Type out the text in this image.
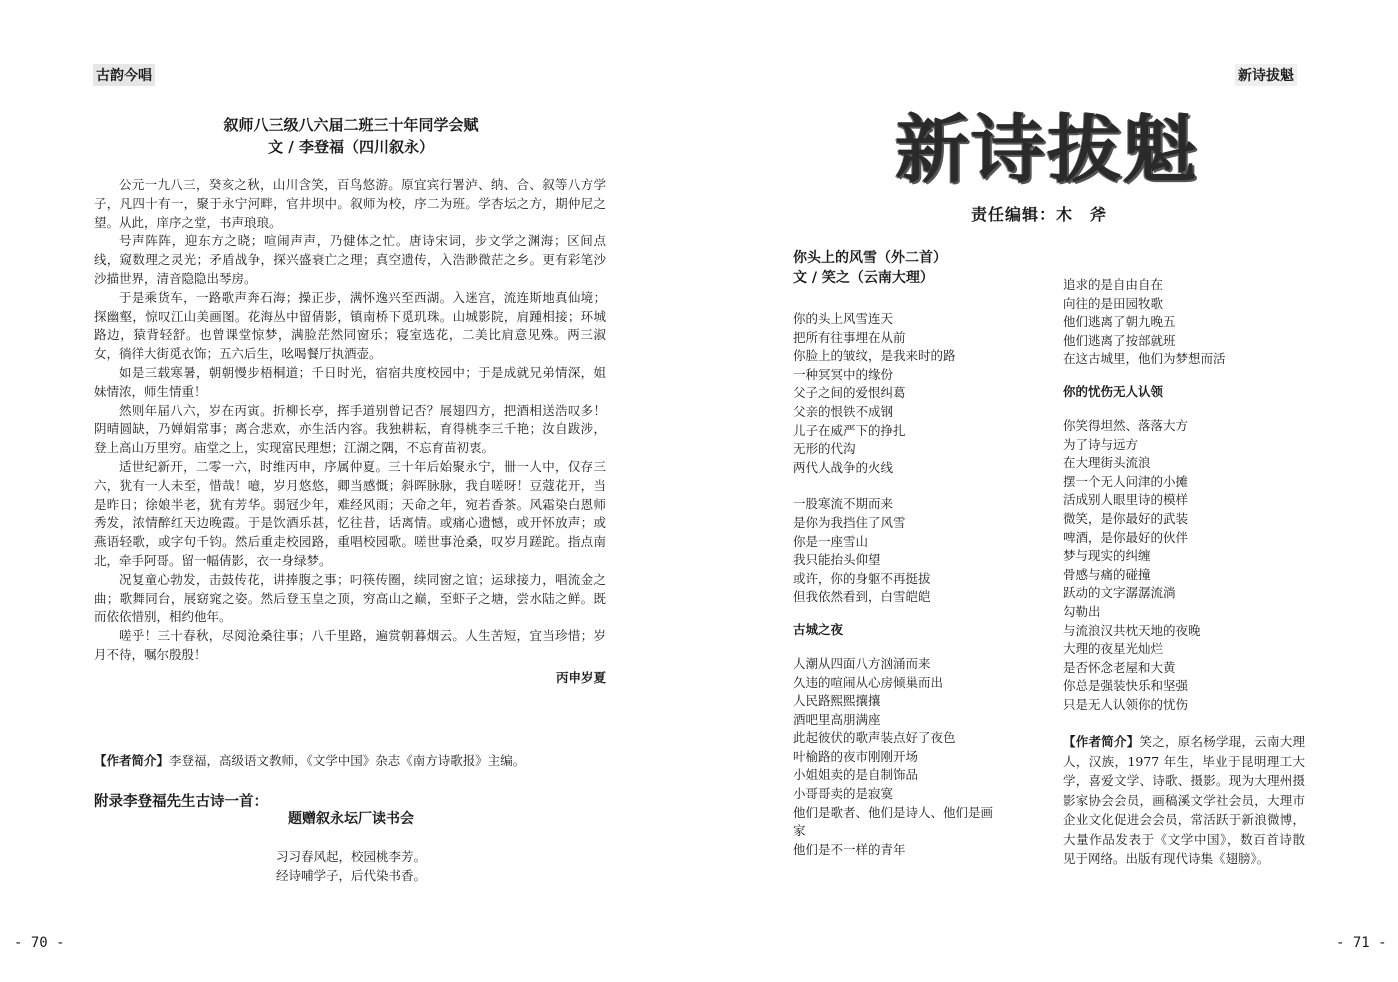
古韵今唱
叙师八三级八六届二班三十年同学会赋
文 / 李登福（四川叙永）

公元一九八三，癸亥之秋，山川含笑，百鸟悠游。原宜宾行署泸、纳、合、叙等八方学子，凡四十有一，聚于永宁河畔，官井坝中。叙师为校，序二为班。学杏坛之方，期仲尼之望。从此，庠序之堂，书声琅琅。

号声阵阵，迎东方之晓；喧闹声声，乃健体之忙。唐诗宋词，步文学之渊海；区间点线，窥数理之灵光；矛盾战争，探兴盛衰亡之理；真空遗传，入浩渺微茫之乡。更有彩笔沙沙描世界，清音隐隐出琴房。

于是乘货车，一路歌声奔石海；操正步，满怀逸兴至西湖。入迷宫，流连斯地真仙境；探幽壑，惊叹江山美画图。花海丛中留倩影，镇南桥下觅玑珠。山城影院，肩踵相接；环城路边，猿背轻舒。也曾课堂惊梦，满脸茫然同窗乐；寝室选花，二美比肩意见殊。两三淑女，徜徉大街觅衣饰；五六后生，吆喝餐厅执酒壶。

如是三载寒暑，朝朝慢步梧桐道；千日时光，宿宿共度校园中；于是成就兄弟情深，姐妹情浓，师生情重！

然则年届八六，岁在丙寅。折柳长亭，挥手道别曾记否？展翅四方，把酒相送浩叹多！阴晴圆缺，乃婵娟常事；离合悲欢，亦生活内容。我独耕耘，育得桃李三千艳；汝自跋涉，登上高山万里穷。庙堂之上，实现富民理想；江湖之隅，不忘育苗初衷。

适世纪新开，二零一六，时维丙申，序属仲夏。三十年后始聚永宁，卌一人中，仅存三六，犹有一人未至，惜哉！噫，岁月悠悠，卿当感慨；斜晖脉脉，我自嗟呀！豆蔻花开，当是昨日；徐娘半老，犹有芳华。弱冠少年，难经风雨；天命之年，宛若香茶。风霜染白恩师秀发，浓情醉红天边晚霞。于是饮酒乐甚，忆往昔，话离情。或痛心遗憾，或开怀放声；或燕语轻歌，或字句千钧。然后重走校园路，重唱校园歌。嗟世事沧桑，叹岁月蹉跎。指点南北，牵手阿哥。留一幅倩影，衣一身绿梦。

况复童心勃发，击鼓传花，讲捧腹之事；叼筷传圈，续同窗之谊；运球接力，唱流金之曲；歌舞同台，展窈窕之姿。然后登玉皇之顶，穷高山之巅，至虾子之塘，尝水陆之鲜。既而依依惜别，相约他年。

嗟乎！三十春秋，尽阅沧桑往事；八千里路，遍赏朝暮烟云。人生苦短，宜当珍惜；岁月不待，嘱尔殷殷！

丙申岁夏

【作者简介】李登福，高级语文教师，《文学中国》杂志《南方诗歌报》主编。
附录李登福先生古诗一首：
题赠叙永坛厂读书会
习习春风起，校园桃李芳。
经诗哺学子，后代染书香。
- 70 -
新诗拔魁
新诗拔魁
责任编辑：木　斧
你头上的风雪（外二首）
文 / 笑之（云南大理）
你的头上风雪连天
把所有往事埋在从前
你脸上的皱纹，是我来时的路
一种冥冥中的缘份
父子之间的爱恨纠葛
父亲的恨铁不成钢
儿子在威严下的挣扎
无形的代沟
两代人战争的火线
一股寒流不期而来
是你为我挡住了风雪
你是一座雪山
我只能抬头仰望
或许，你的身躯不再挺拔
但我依然看到，白雪皑皑
古城之夜
人潮从四面八方汹涌而来
久违的喧闹从心房倾巢而出
人民路熙熙攘攘
酒吧里高朋满座
此起彼伏的歌声装点好了夜色
叶榆路的夜市刚刚开场
小姐姐卖的是自制饰品
小哥哥卖的是寂寞
他们是歌者、他们是诗人、他们是画
家
他们是不一样的青年
追求的是自由自在
向往的是田园牧歌
他们逃离了朝九晚五
他们逃离了按部就班
在这古城里，他们为梦想而活
你的忧伤无人认领
你笑得坦然、落落大方
为了诗与远方
在大理街头流浪
摆一个无人问津的小摊
活成别人眼里诗的模样
微笑，是你最好的武装
啤酒，是你最好的伙伴
梦与现实的纠缠
骨感与痛的碰撞
跃动的文字潺潺流淌
勾勒出
与流浪汉共枕天地的夜晚
大理的夜星光灿烂
是否怀念老屋和大黄
你总是强装快乐和坚强
只是无人认领你的忧伤
【作者简介】笑之，原名杨学琨，云南大理人，汉族，1977 年生，毕业于昆明理工大学，喜爱文学、诗歌、摄影。现为大理州摄影家协会会员，画稿溪文学社会员，大理市企业文化促进会会员，常活跃于新浪微博，大量作品发表于《文学中国》，数百首诗散见于网络。出版有现代诗集《翅膀》。
- 71 -
